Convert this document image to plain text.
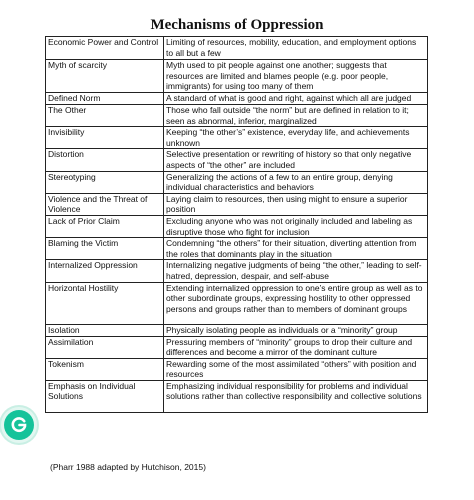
Mechanisms of Oppression
Economic Power and Control	Limiting of resources, mobility, education, and employment options to all but a few
Myth of scarcity	Myth used to pit people against one another; suggests that resources are limited and blames people (e.g. poor people, immigrants) for using too many of them
Defined Norm	A standard of what is good and right, against which all are judged
The Other	Those who fall outside “the norm” but are defined in relation to it; seen as abnormal, inferior, marginalized
Invisibility	Keeping “the other’s” existence, everyday life, and achievements unknown
Distortion	Selective presentation or rewriting of history so that only negative aspects of “the other” are included
Stereotyping	Generalizing the actions of a few to an entire group, denying individual characteristics and behaviors
Violence and the Threat of Violence	Laying claim to resources, then using might to ensure a superior position
Lack of Prior Claim	Excluding anyone who was not originally included and labeling as disruptive those who fight for inclusion
Blaming the Victim	Condemning “the others” for their situation, diverting attention from the roles that dominants play in the situation
Internalized Oppression	Internalizing negative judgments of being “the other,” leading to self-hatred, depression, despair, and self-abuse
Horizontal Hostility	Extending internalized oppression to one’s entire group as well as to other subordinate groups, expressing hostility to other oppressed persons and groups rather than to members of dominant groups
Isolation	Physically isolating people as individuals or a “minority” group
Assimilation	Pressuring members of “minority” groups to drop their culture and differences and become a mirror of the dominant culture
Tokenism	Rewarding some of the most assimilated “others” with position and resources
Emphasis on Individual Solutions	Emphasizing individual responsibility for problems and individual solutions rather than collective responsibility and collective solutions
(Pharr 1988 adapted by Hutchison, 2015)
